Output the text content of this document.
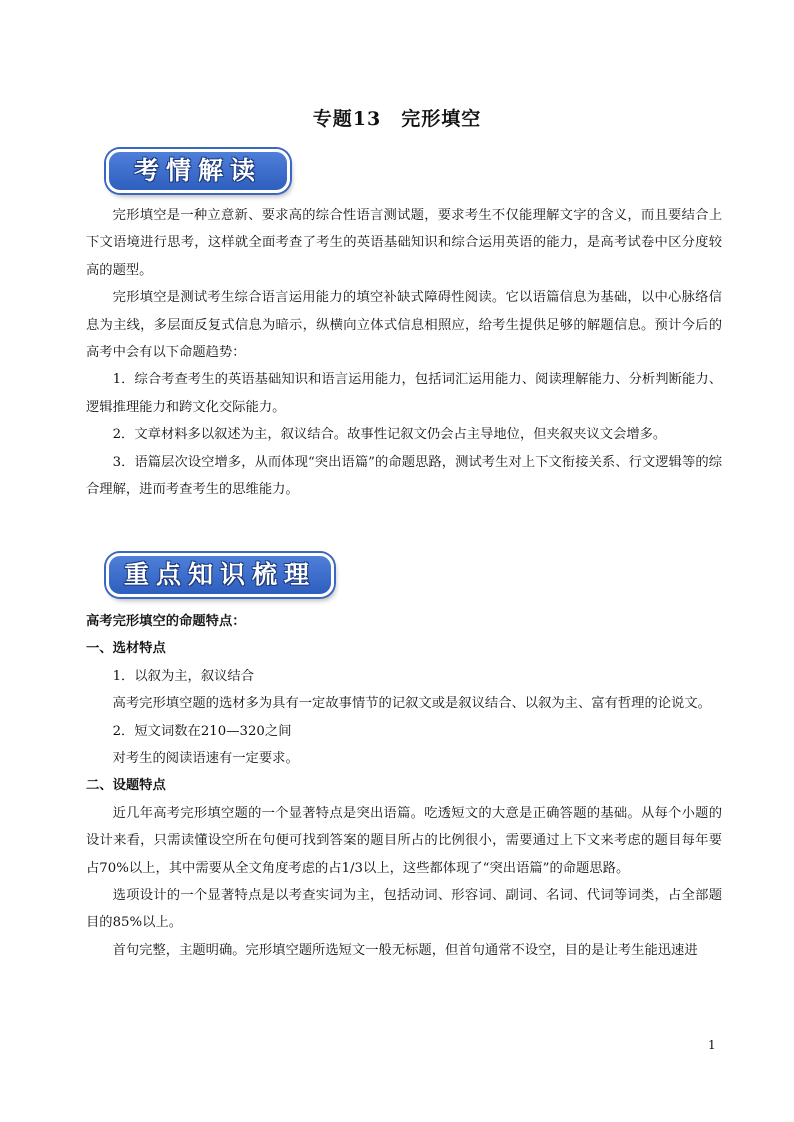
专题13　完形填空
考情解读

完形填空是一种立意新、要求高的综合性语言测试题，要求考生不仅能理解文字的含义，而且要结合上下文语境进行思考，这样就全面考查了考生的英语基础知识和综合运用英语的能力，是高考试卷中区分度较高的题型。

完形填空是测试考生综合语言运用能力的填空补缺式障碍性阅读。它以语篇信息为基础，以中心脉络信息为主线，多层面反复式信息为暗示，纵横向立体式信息相照应，给考生提供足够的解题信息。预计今后的高考中会有以下命题趋势：

1．综合考查考生的英语基础知识和语言运用能力，包括词汇运用能力、阅读理解能力、分析判断能力、逻辑推理能力和跨文化交际能力。

2．文章材料多以叙述为主，叙议结合。故事性记叙文仍会占主导地位，但夹叙夹议文会增多。

3．语篇层次设空增多，从而体现“突出语篇”的命题思路，测试考生对上下文衔接关系、行文逻辑等的综合理解，进而考查考生的思维能力。

重点知识梳理

高考完形填空的命题特点：

一、选材特点

1．以叙为主，叙议结合

高考完形填空题的选材多为具有一定故事情节的记叙文或是叙议结合、以叙为主、富有哲理的论说文。

2．短文词数在210—320之间

对考生的阅读语速有一定要求。

二、设题特点

近几年高考完形填空题的一个显著特点是突出语篇。吃透短文的大意是正确答题的基础。从每个小题的设计来看，只需读懂设空所在句便可找到答案的题目所占的比例很小，需要通过上下文来考虑的题目每年要占70%以上，其中需要从全文角度考虑的占1/3以上，这些都体现了“突出语篇”的命题思路。

选项设计的一个显著特点是以考查实词为主，包括动词、形容词、副词、名词、代词等词类，占全部题目的85%以上。

首句完整，主题明确。完形填空题所选短文一般无标题，但首句通常不设空，目的是让考生能迅速进

1
